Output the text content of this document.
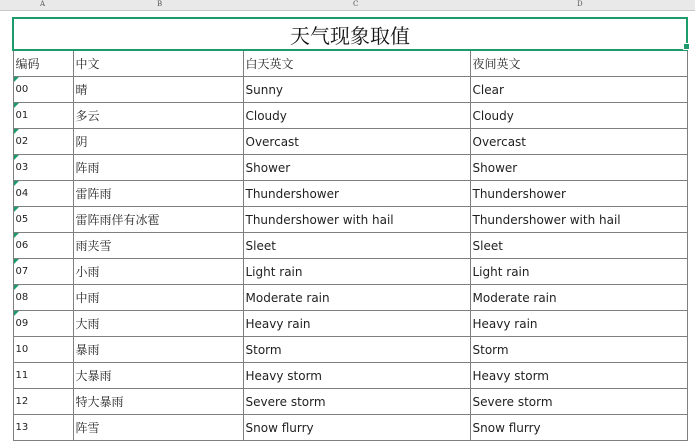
A	B	C	D
天气现象取值			
编码	中文	白天英文	夜间英文
00	晴	Sunny	Clear
01	多云	Cloudy	Cloudy
02	阴	Overcast	Overcast
03	阵雨	Shower	Shower
04	雷阵雨	Thundershower	Thundershower
05	雷阵雨伴有冰雹	Thundershower with hail	Thundershower with hail
06	雨夹雪	Sleet	Sleet
07	小雨	Light rain	Light rain
08	中雨	Moderate rain	Moderate rain
09	大雨	Heavy rain	Heavy rain
10	暴雨	Storm	Storm
11	大暴雨	Heavy storm	Heavy storm
12	特大暴雨	Severe storm	Severe storm
13	阵雪	Snow flurry	Snow flurry
